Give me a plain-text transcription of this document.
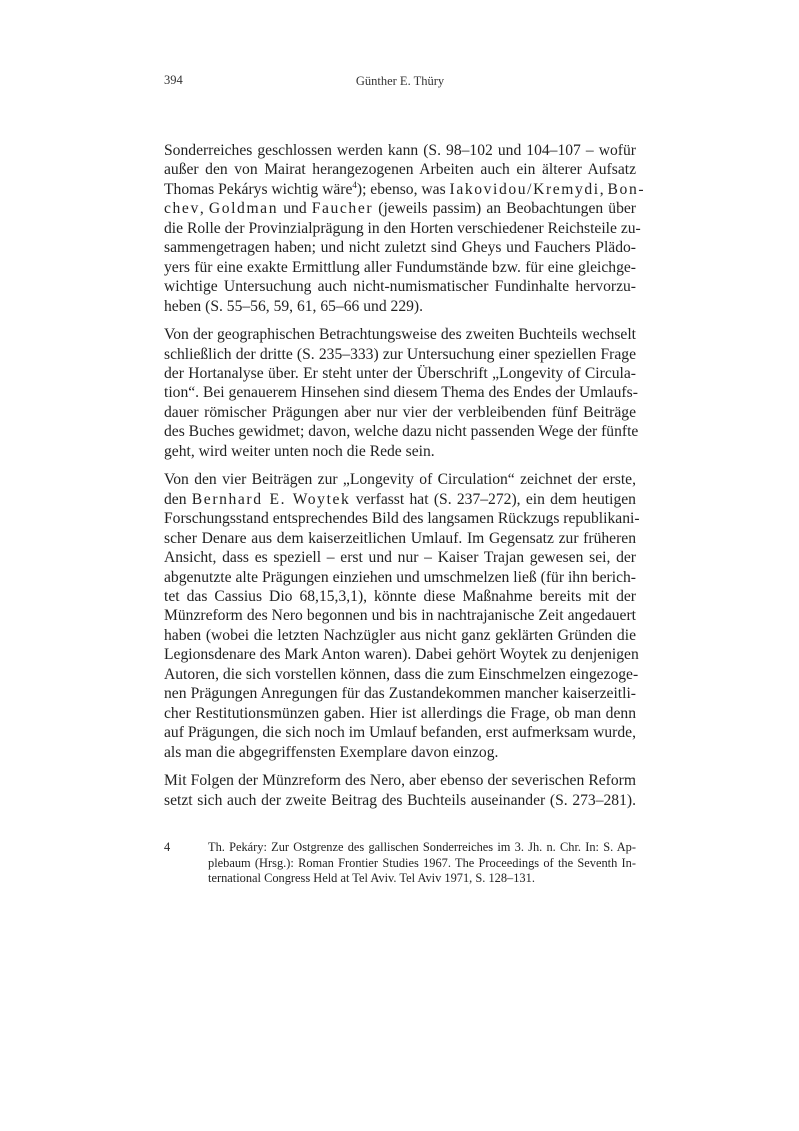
394	Günther E. Thüry

Sonderreiches geschlossen werden kann (S. 98–102 und 104–107 – wofür
außer den von Mairat herangezogenen Arbeiten auch ein älterer Aufsatz
Thomas Pekárys wichtig wäre$^4$); ebenso, was Iakovidou/Kremydi, Bon-
chev, Goldman und Faucher (jeweils passim) an Beobachtungen über
die Rolle der Provinzialprägung in den Horten verschiedener Reichsteile zu-
sammengetragen haben; und nicht zuletzt sind Gheys und Fauchers Plädo-
yers für eine exakte Ermittlung aller Fundumstände bzw. für eine gleichge-
wichtige Untersuchung auch nicht-numismatischer Fundinhalte hervorzu-
heben (S. 55–56, 59, 61, 65–66 und 229).

Von der geographischen Betrachtungsweise des zweiten Buchteils wechselt
schließlich der dritte (S. 235–333) zur Untersuchung einer speziellen Frage
der Hortanalyse über. Er steht unter der Überschrift „Longevity of Circula-
tion“. Bei genauerem Hinsehen sind diesem Thema des Endes der Umlaufs-
dauer römischer Prägungen aber nur vier der verbleibenden fünf Beiträge
des Buches gewidmet; davon, welche dazu nicht passenden Wege der fünfte
geht, wird weiter unten noch die Rede sein.

Von den vier Beiträgen zur „Longevity of Circulation“ zeichnet der erste,
den Bernhard E. Woytek verfasst hat (S. 237–272), ein dem heutigen
Forschungsstand entsprechendes Bild des langsamen Rückzugs republikani-
scher Denare aus dem kaiserzeitlichen Umlauf. Im Gegensatz zur früheren
Ansicht, dass es speziell – erst und nur – Kaiser Trajan gewesen sei, der
abgenutzte alte Prägungen einziehen und umschmelzen ließ (für ihn berich-
tet das Cassius Dio 68,15,3,1), könnte diese Maßnahme bereits mit der
Münzreform des Nero begonnen und bis in nachtrajanische Zeit angedauert
haben (wobei die letzten Nachzügler aus nicht ganz geklärten Gründen die
Legionsdenare des Mark Anton waren). Dabei gehört Woytek zu denjenigen
Autoren, die sich vorstellen können, dass die zum Einschmelzen eingezoge-
nen Prägungen Anregungen für das Zustandekommen mancher kaiserzeitli-
cher Restitutionsmünzen gaben. Hier ist allerdings die Frage, ob man denn
auf Prägungen, die sich noch im Umlauf befanden, erst aufmerksam wurde,
als man die abgegriffensten Exemplare davon einzog.

Mit Folgen der Münzreform des Nero, aber ebenso der severischen Reform
setzt sich auch der zweite Beitrag des Buchteils auseinander (S. 273–281).

4	Th. Pekáry: Zur Ostgrenze des gallischen Sonderreiches im 3. Jh. n. Chr. In: S. Ap-
plebaum (Hrsg.): Roman Frontier Studies 1967. The Proceedings of the Seventh In-
ternational Congress Held at Tel Aviv. Tel Aviv 1971, S. 128–131.
